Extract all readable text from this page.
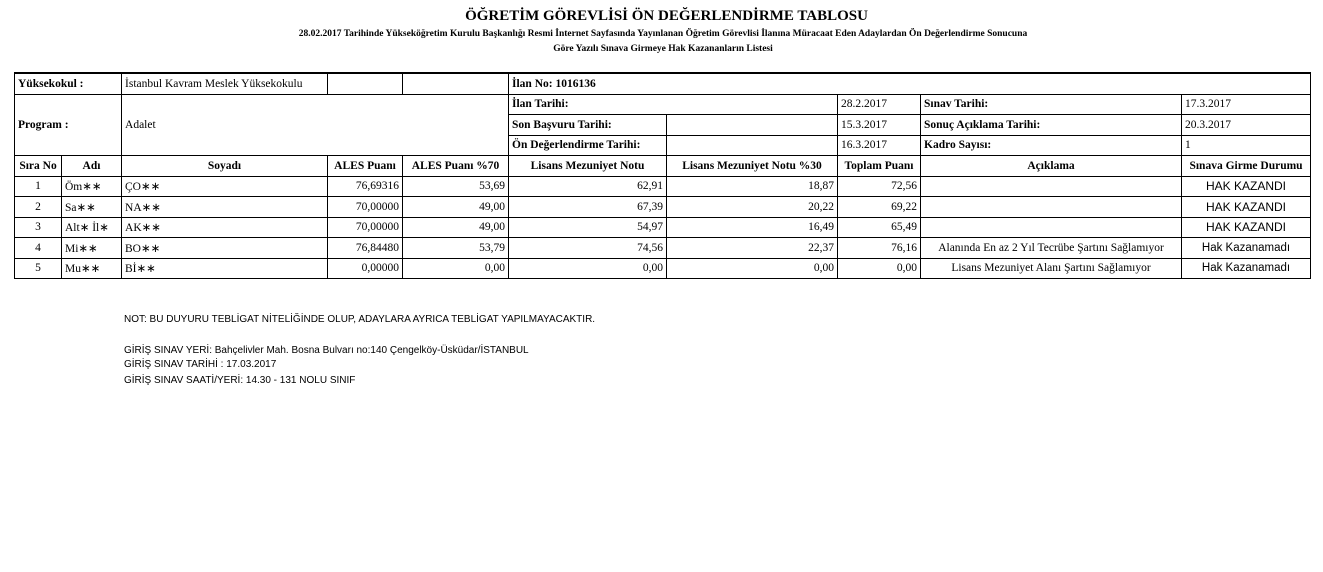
ÖĞRETİM GÖREVLİSİ ÖN DEĞERLENDİRME TABLOSU
28.02.2017 Tarihinde Yükseköğretim Kurulu Başkanlığı Resmi İnternet Sayfasında Yayınlanan Öğretim Görevlisi İlanına Müracaat Eden Adaylardan Ön Değerlendirme Sonucuna
Göre Yazılı Sınava Girmeye Hak Kazananların Listesi
Yüksekokul :		İstanbul Kavram Meslek Yüksekokulu			İlan No: 1016136				
Program :		Adalet			İlan Tarihi:		28.2.2017	Sınav Tarihi:	17.3.2017
					Son Başvuru Tarihi:		15.3.2017	Sonuç Açıklama Tarihi:	20.3.2017
					Ön Değerlendirme Tarihi:		16.3.2017	Kadro Sayısı:	1
Sıra No	Adı	Soyadı	ALES Puanı	ALES Puanı %70	Lisans Mezuniyet Notu	Lisans Mezuniyet Notu %30	Toplam Puanı	Açıklama	Sınava Girme Durumu
1	Öm∗∗	ÇO∗∗	76,69316	53,69	62,91	18,87	72,56		HAK KAZANDI
2	Sa∗∗	NA∗∗	70,00000	49,00	67,39	20,22	69,22		HAK KAZANDI
3	Alt∗ İl∗	AK∗∗	70,00000	49,00	54,97	16,49	65,49		HAK KAZANDI
4	Mi∗∗	BO∗∗	76,84480	53,79	74,56	22,37	76,16	Alanında En az 2 Yıl Tecrübe Şartını Sağlamıyor	Hak Kazanamadı
5	Mu∗∗	Bİ∗∗	0,00000	0,00	0,00	0,00	0,00	Lisans Mezuniyet Alanı Şartını Sağlamıyor	Hak Kazanamadı
NOT: BU DUYURU TEBLİGAT NİTELİĞİNDE OLUP, ADAYLARA AYRICA TEBLİGAT YAPILMAYACAKTIR.
GİRİŞ SINAV YERİ: Bahçelivler Mah. Bosna Bulvarı no:140 Çengelköy-Üsküdar/İSTANBUL
GİRİŞ SINAV TARİHİ : 17.03.2017
GİRİŞ SINAV SAATİ/YERİ: 14.30 - 131 NOLU SINIF
